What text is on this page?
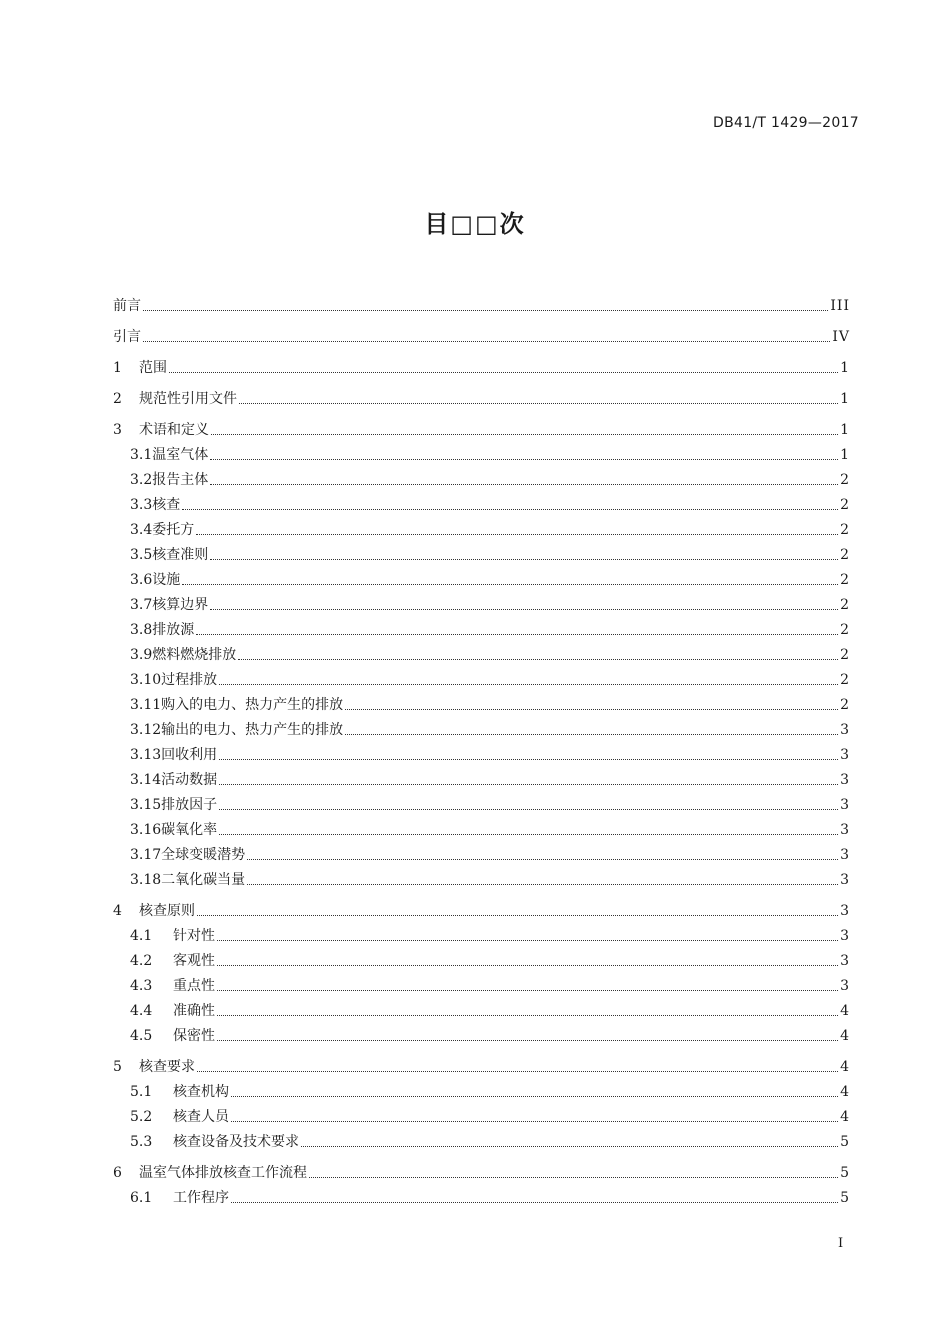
DB41/T 1429—2017
目□□次
前言	III
引言	IV
1 范围	1
2 规范性引用文件	1
3 术语和定义	1
3.1温室气体	1
3.2报告主体	2
3.3核查	2
3.4委托方	2
3.5核查准则	2
3.6设施	2
3.7核算边界	2
3.8排放源	2
3.9燃料燃烧排放	2
3.10过程排放	2
3.11购入的电力、热力产生的排放	2
3.12输出的电力、热力产生的排放	3
3.13回收利用	3
3.14活动数据	3
3.15排放因子	3
3.16碳氧化率	3
3.17全球变暖潜势	3
3.18二氧化碳当量	3
4 核查原则	3
4.1 针对性	3
4.2 客观性	3
4.3 重点性	3
4.4 准确性	4
4.5 保密性	4
5 核查要求	4
5.1 核查机构	4
5.2 核查人员	4
5.3 核查设备及技术要求	5
6 温室气体排放核查工作流程	5
6.1 工作程序	5
I
